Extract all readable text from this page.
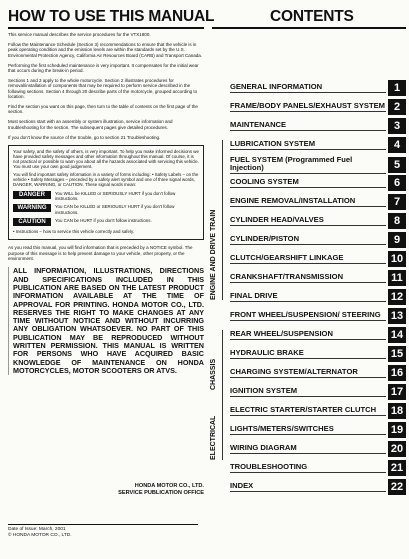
HOW TO USE THIS MANUAL	CONTENTS

This service manual describes the service procedures for the VTX1800.

Follow the Maintenance Schedule (Section 3) recommendations to ensure that the vehicle is in peak operating condition and the emission levels are within the standards set by the U.S. Environmental Protection Agency, California Air Resources Board (CARB) and Transport Canada.

Performing the first scheduled maintenance is very important. It compensates for the initial wear that occurs during the break-in period.

Sections 1 and 3 apply to the whole motorcycle. Section 2 illustrates procedures for removal/installation of components that may be required to perform service described in the following sections. Section 4 through 20 describe parts of the motorcycle, grouped according to location.

Find the section you want on this page, then turn to the table of contents on the first page of the section.

Most sections start with an assembly or system illustration, service information and troubleshooting for the section. The subsequent pages give detailed procedures.

If you don't know the source of the trouble, go to section 21 Troubleshooting.

Your safety, and the safety of others, is very important. To help you make informed decisions we have provided safety messages and other information throughout this manual. Of course, it is not practical or possible to warn you about all the hazards associated with servicing this vehicle. You must use your own good judgement.

You will find important safety information in a variety of forms including: • Safety Labels – on the vehicle • Safety Messages – preceded by a safety alert symbol and one of three signal words, DANGER, WARNING, or CAUTION. These signal words mean:

DANGER	You WILL be KILLED or SERIOUSLY HURT if you don't follow instructions.
WARNING	You CAN be KILLED or SERIOUSLY HURT if you don't follow instructions.
CAUTION	You CAN be HURT if you don't follow instructions.

• Instructions – how to service this vehicle correctly and safely.

As you read this manual, you will find information that is preceded by a NOTICE symbol. The purpose of this message is to help prevent damage to your vehicle, other property, or the environment.

ALL INFORMATION, ILLUSTRATIONS, DIRECTIONS AND SPECIFICATIONS INCLUDED IN THIS PUBLICATION ARE BASED ON THE LATEST PRODUCT INFORMATION AVAILABLE AT THE TIME OF APPROVAL FOR PRINTING. HONDA MOTOR CO., LTD. RESERVES THE RIGHT TO MAKE CHANGES AT ANY TIME WITHOUT NOTICE AND WITHOUT INCURRING ANY OBLIGATION WHATSOEVER. NO PART OF THIS PUBLICATION MAY BE REPRODUCED WITHOUT WRITTEN PERMISSION. THIS MANUAL IS WRITTEN FOR PERSONS WHO HAVE ACQUIRED BASIC KNOWLEDGE OF MAINTENANCE ON HONDA MOTORCYCLES, MOTOR SCOOTERS OR ATVS.

HONDA MOTOR CO., LTD.
SERVICE PUBLICATION OFFICE
Date of Issue: March, 2001
© HONDA MOTOR CO., LTD.
ENGINE AND DRIVE TRAIN
CHASSIS
ELECTRICAL
GENERAL INFORMATION	1
FRAME/BODY PANELS/EXHAUST SYSTEM 2
MAINTENANCE	3
LUBRICATION SYSTEM	4
FUEL SYSTEM (Programmed Fuel Injection)	5
COOLING SYSTEM	6
ENGINE REMOVAL/INSTALLATION	7
CYLINDER HEAD/VALVES	8
CYLINDER/PISTON	9
CLUTCH/GEARSHIFT LINKAGE	10
CRANKSHAFT/TRANSMISSION	11
FINAL DRIVE	12
FRONT WHEEL/SUSPENSION/ STEERING 13
REAR WHEEL/SUSPENSION	14
HYDRAULIC BRAKE	15
CHARGING SYSTEM/ALTERNATOR	16
IGNITION SYSTEM	17
ELECTRIC STARTER/STARTER CLUTCH	18
LIGHTS/METERS/SWITCHES	19
WIRING DIAGRAM	20
TROUBLESHOOTING	21
INDEX	22
